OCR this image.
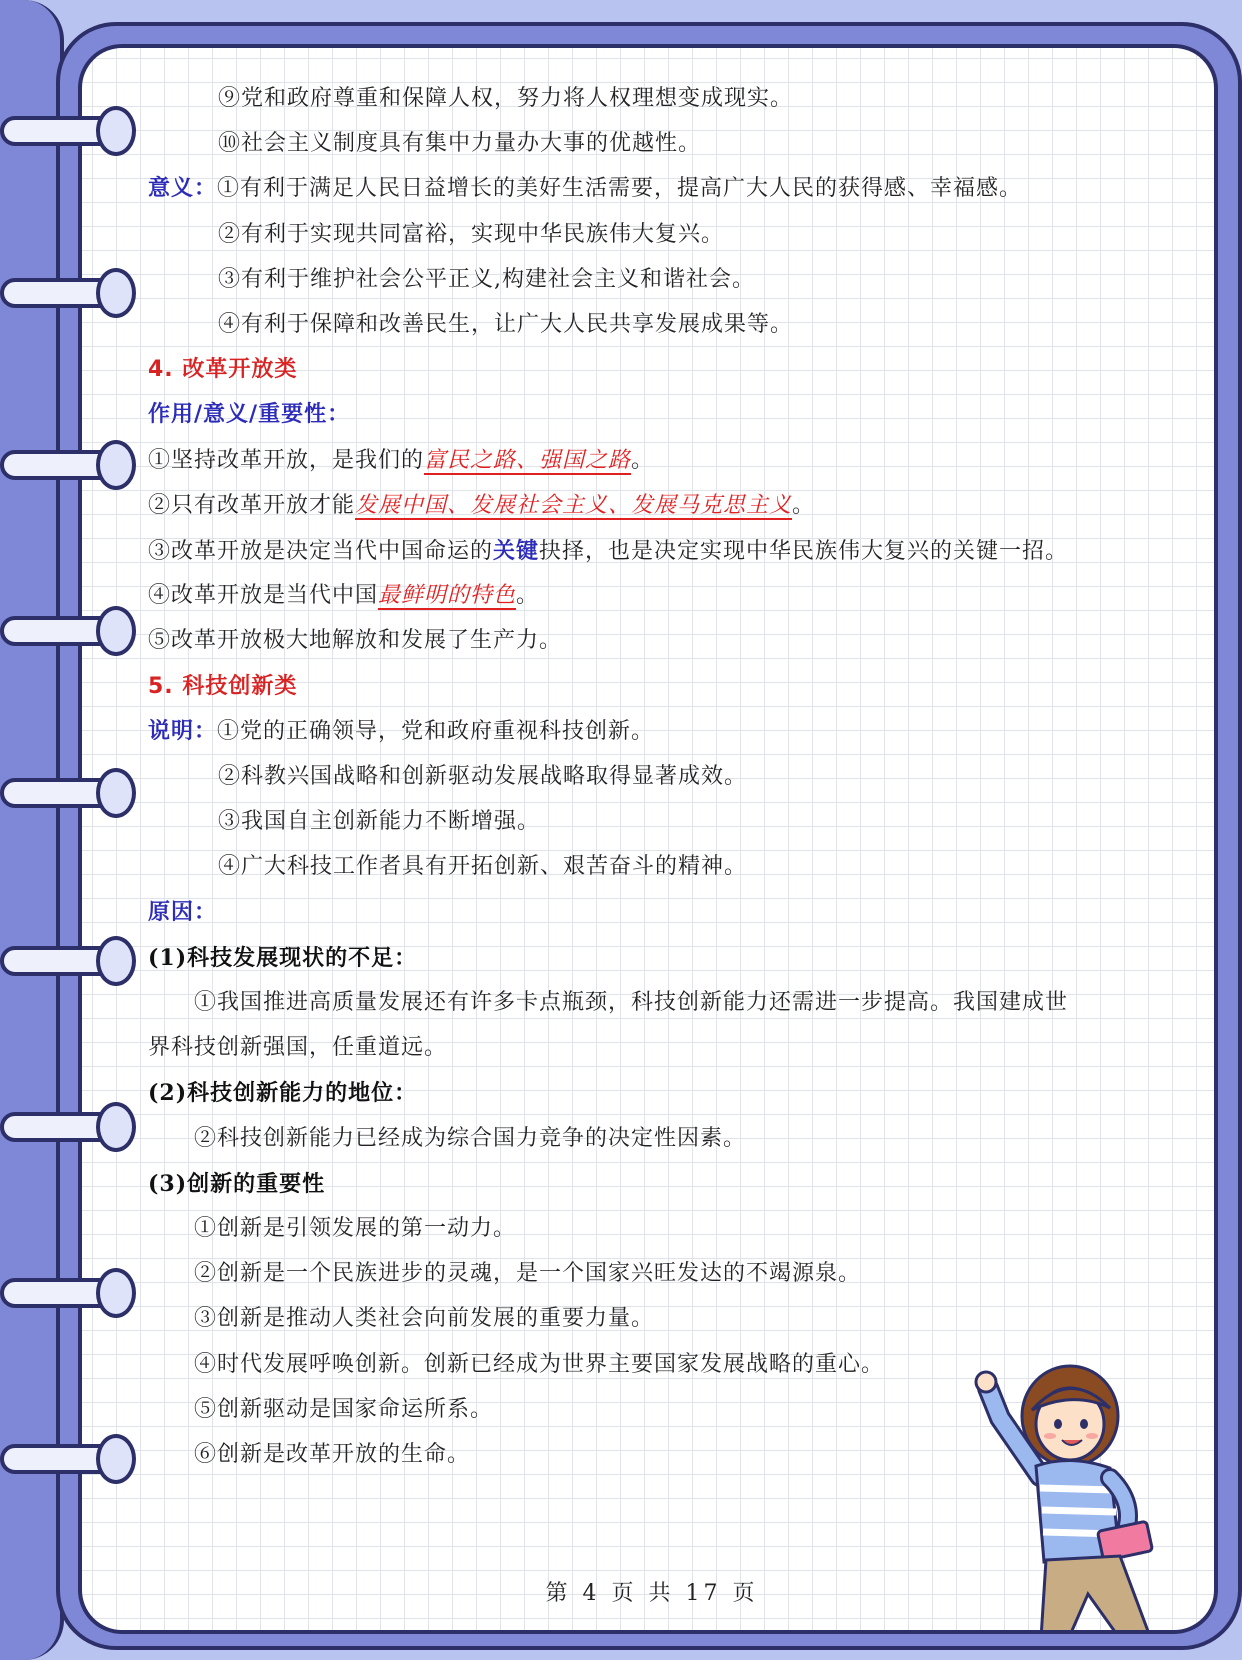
⑨党和政府尊重和保障人权，努力将人权理想变成现实。
⑩社会主义制度具有集中力量办大事的优越性。
意义：①有利于满足人民日益增长的美好生活需要，提高广大人民的获得感、幸福感。
②有利于实现共同富裕，实现中华民族伟大复兴。
③有利于维护社会公平正义,构建社会主义和谐社会。
④有利于保障和改善民生，让广大人民共享发展成果等。
4. 改革开放类
作用/意义/重要性：
①坚持改革开放，是我们的富民之路、强国之路。
②只有改革开放才能发展中国、发展社会主义、发展马克思主义。
③改革开放是决定当代中国命运的关键抉择，也是决定实现中华民族伟大复兴的关键一招。
④改革开放是当代中国最鲜明的特色。
⑤改革开放极大地解放和发展了生产力。
5. 科技创新类
说明：①党的正确领导，党和政府重视科技创新。
②科教兴国战略和创新驱动发展战略取得显著成效。
③我国自主创新能力不断增强。
④广大科技工作者具有开拓创新、艰苦奋斗的精神。
原因：
(1)科技发展现状的不足：
①我国推进高质量发展还有许多卡点瓶颈，科技创新能力还需进一步提高。我国建成世
界科技创新强国，任重道远。
(2)科技创新能力的地位：
②科技创新能力已经成为综合国力竞争的决定性因素。
(3)创新的重要性
①创新是引领发展的第一动力。
②创新是一个民族进步的灵魂，是一个国家兴旺发达的不竭源泉。
③创新是推动人类社会向前发展的重要力量。
④时代发展呼唤创新。创新已经成为世界主要国家发展战略的重心。
⑤创新驱动是国家命运所系。
⑥创新是改革开放的生命。
第 4 页 共 17 页
